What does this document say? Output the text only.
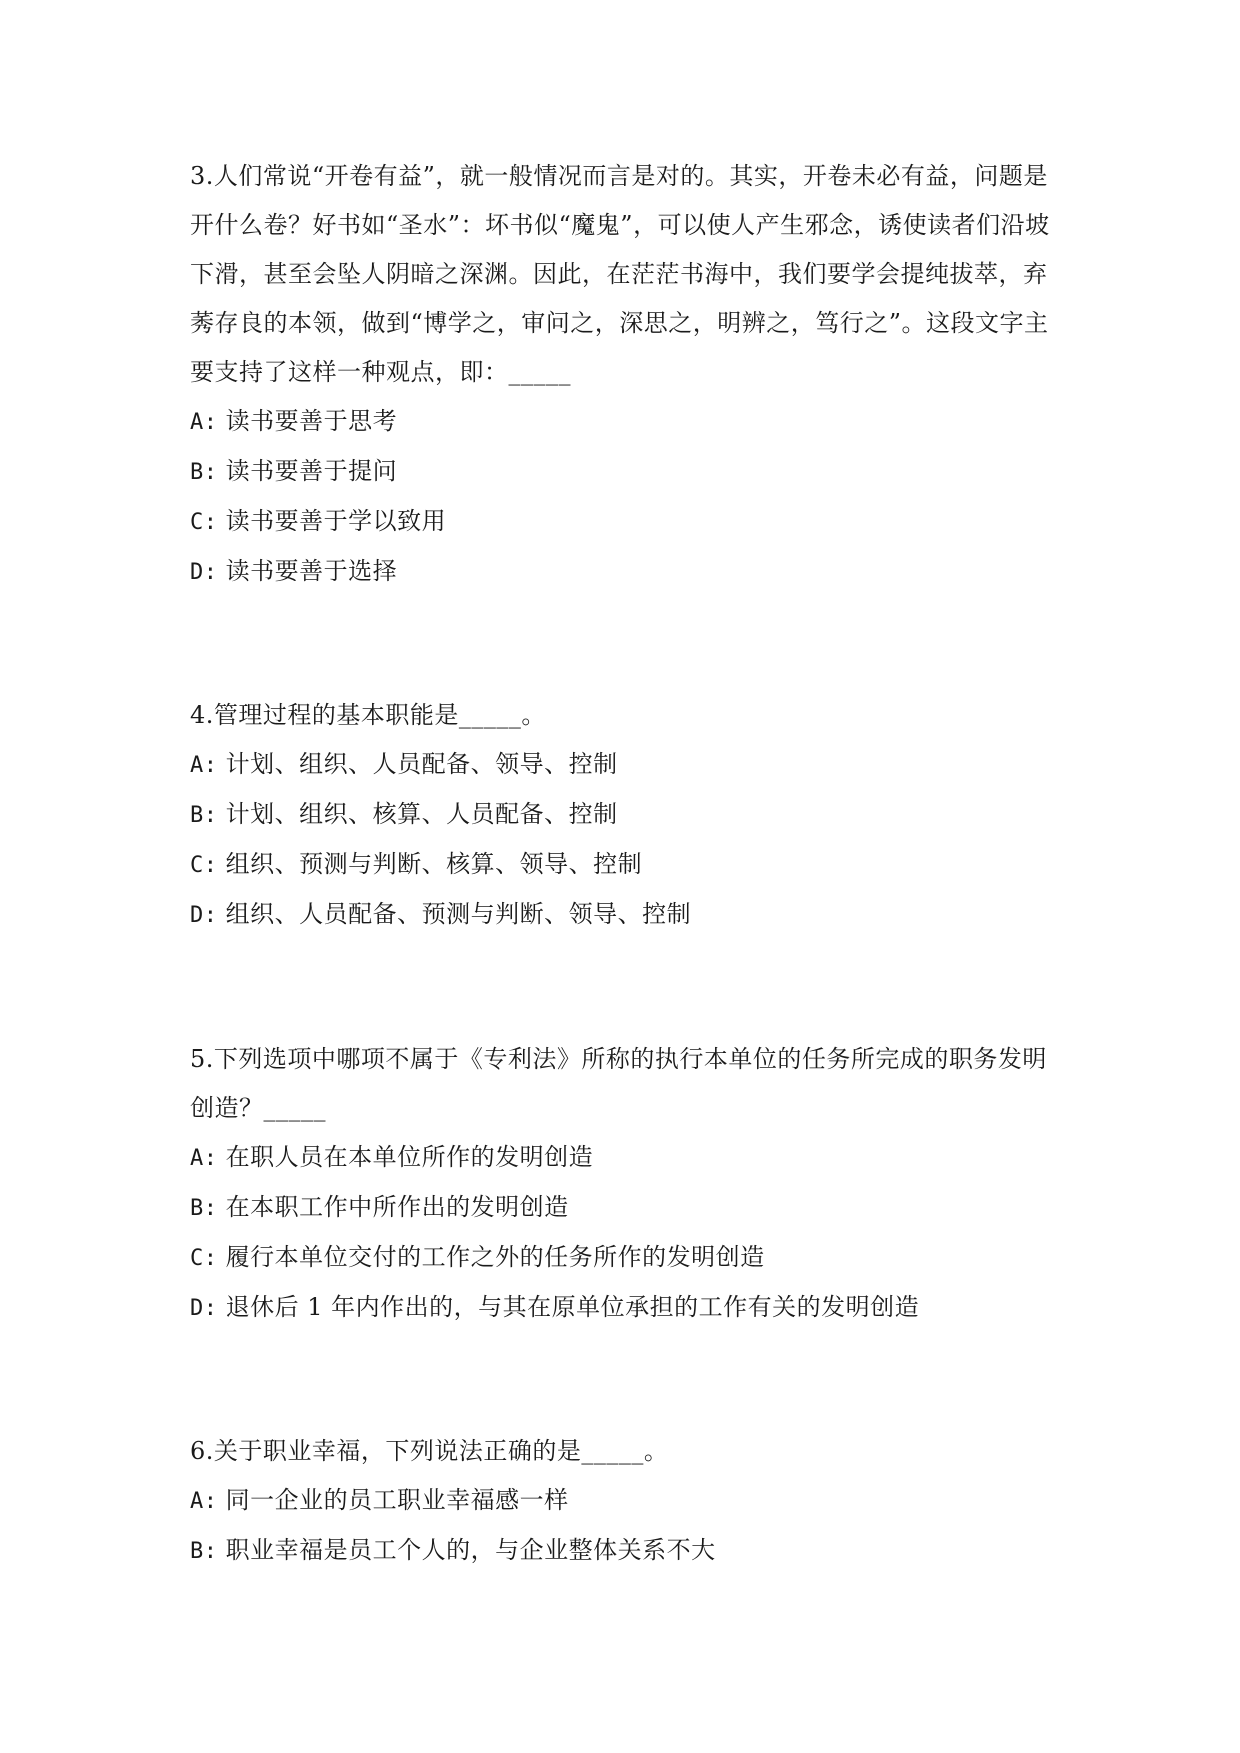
3.人们常说“开卷有益”，就一般情况而言是对的。其实，开卷未必有益，问题是开什么卷？好书如“圣水”：坏书似“魔鬼”，可以使人产生邪念，诱使读者们沿坡下滑，甚至会坠人阴暗之深渊。因此，在茫茫书海中，我们要学会提纯拔萃，弃莠存良的本领，做到“博学之，审问之，深思之，明辨之，笃行之”。这段文字主要支持了这样一种观点，即：_____

A: 读书要善于思考

B: 读书要善于提问

C: 读书要善于学以致用

D: 读书要善于选择

4.管理过程的基本职能是_____。

A: 计划、组织、人员配备、领导、控制

B: 计划、组织、核算、人员配备、控制

C: 组织、预测与判断、核算、领导、控制

D: 组织、人员配备、预测与判断、领导、控制

5.下列选项中哪项不属于《专利法》所称的执行本单位的任务所完成的职务发明创造？_____

A: 在职人员在本单位所作的发明创造

B: 在本职工作中所作出的发明创造

C: 履行本单位交付的工作之外的任务所作的发明创造

D: 退休后 1 年内作出的，与其在原单位承担的工作有关的发明创造

6.关于职业幸福，下列说法正确的是_____。

A: 同一企业的员工职业幸福感一样

B: 职业幸福是员工个人的，与企业整体关系不大
